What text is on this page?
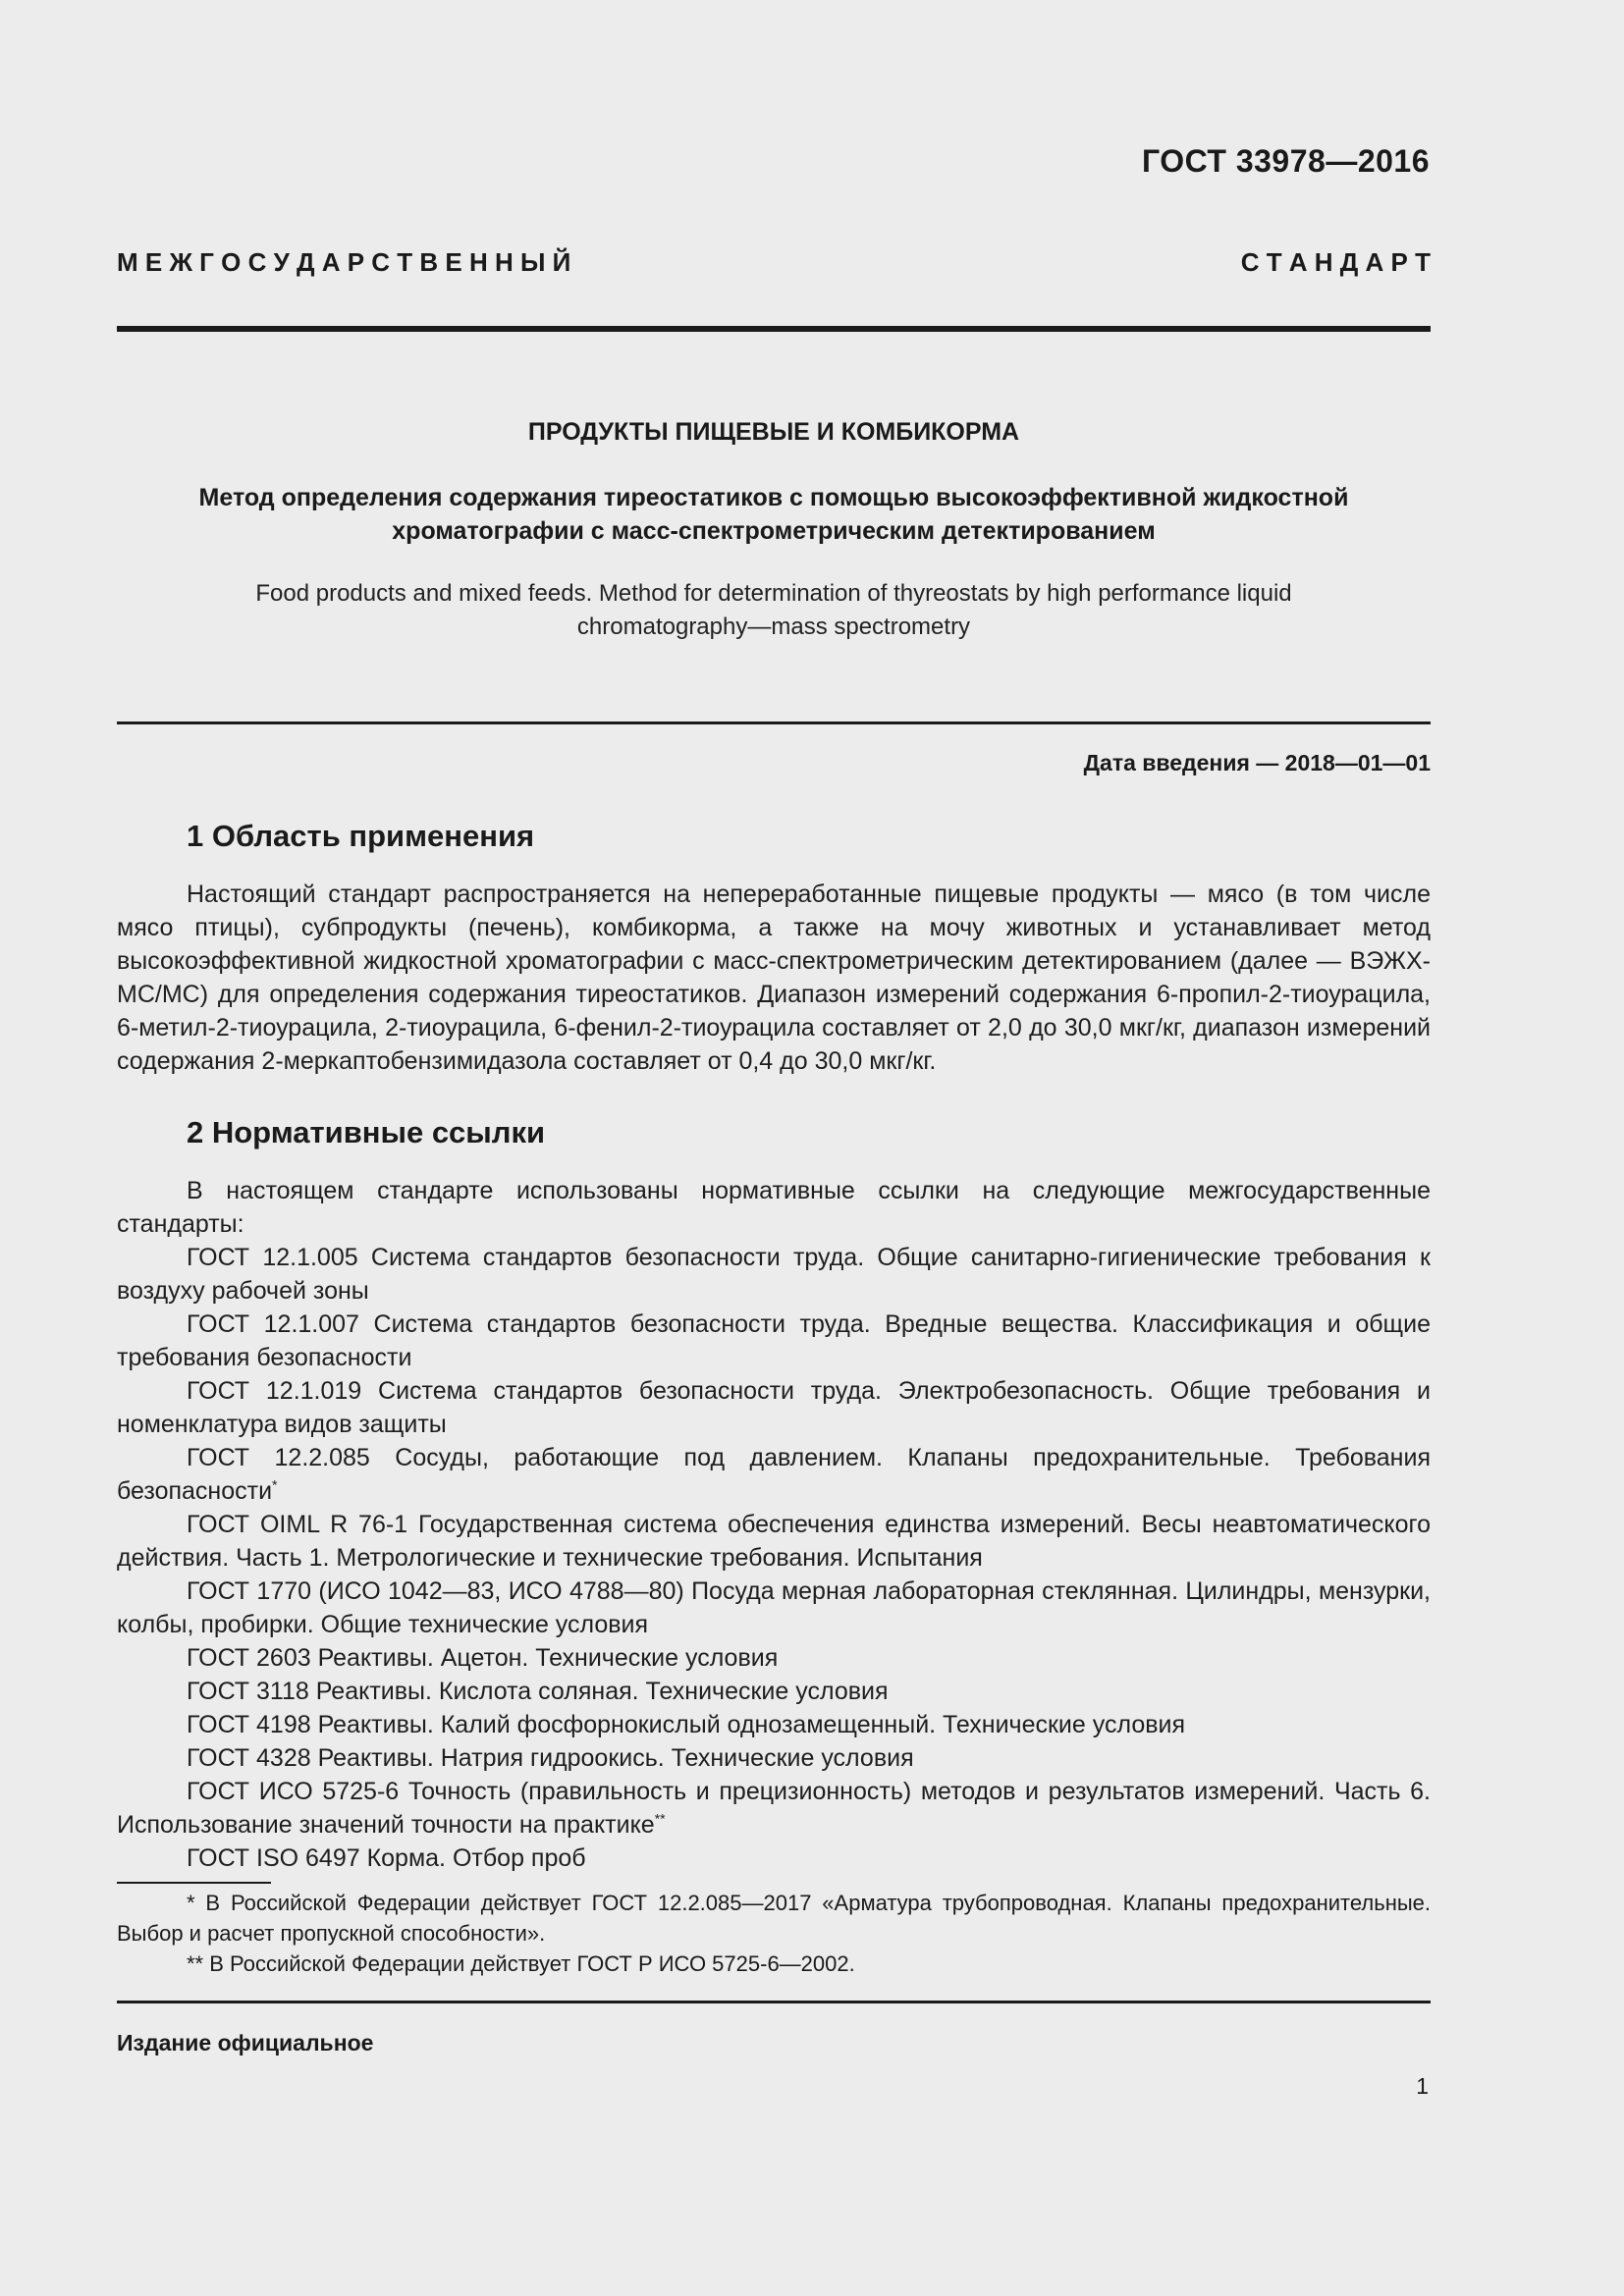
ГОСТ 33978—2016
М Е Ж Г О С У Д А Р С Т В Е Н Н Ы Й	С Т А Н Д А Р Т
ПРОДУКТЫ ПИЩЕВЫЕ И КОМБИКОРМА
Метод определения содержания тиреостатиков с помощью высокоэффективной жидкостной
хроматографии с масс-спектрометрическим детектированием
Food products and mixed feeds. Method for determination of thyreostats by high performance liquid
chromatography—mass spectrometry
Дата введения — 2018—01—01
1 Область применения

Настоящий стандарт распространяется на непереработанные пищевые продукты — мясо (в том числе мясо птицы), субпродукты (печень), комбикорма, а также на мочу животных и устанавливает метод высокоэффективной жидкостной хроматографии с масс-спектрометрическим детектированием (далее — ВЭЖХ-МС/МС) для определения содержания тиреостатиков. Диапазон измерений содержания 6-пропил-2-тиоурацила, 6-метил-2-тиоурацила, 2-тиоурацила, 6-фенил-2-тиоурацила составляет от 2,0 до 30,0 мкг/кг, диапазон измерений содержания 2-меркаптобензимидазола составляет от 0,4 до 30,0 мкг/кг.

2 Нормативные ссылки

В настоящем стандарте использованы нормативные ссылки на следующие межгосударственные стандарты:

ГОСТ 12.1.005 Система стандартов безопасности труда. Общие санитарно-гигиенические требования к воздуху рабочей зоны

ГОСТ 12.1.007 Система стандартов безопасности труда. Вредные вещества. Классификация и общие требования безопасности

ГОСТ 12.1.019 Система стандартов безопасности труда. Электробезопасность. Общие требования и номенклатура видов защиты

ГОСТ 12.2.085 Сосуды, работающие под давлением. Клапаны предохранительные. Требования безопасности*

ГОСТ OIML R 76-1 Государственная система обеспечения единства измерений. Весы неавтоматического действия. Часть 1. Метрологические и технические требования. Испытания

ГОСТ 1770 (ИСО 1042—83, ИСО 4788—80) Посуда мерная лабораторная стеклянная. Цилиндры, мензурки, колбы, пробирки. Общие технические условия

ГОСТ 2603 Реактивы. Ацетон. Технические условия

ГОСТ 3118 Реактивы. Кислота соляная. Технические условия

ГОСТ 4198 Реактивы. Калий фосфорнокислый однозамещенный. Технические условия

ГОСТ 4328 Реактивы. Натрия гидроокись. Технические условия

ГОСТ ИСО 5725-6 Точность (правильность и прецизионность) методов и результатов измерений. Часть 6. Использование значений точности на практике**

ГОСТ ISO 6497 Корма. Отбор проб

* В Российской Федерации действует ГОСТ 12.2.085—2017 «Арматура трубопроводная. Клапаны предохранительные. Выбор и расчет пропускной способности».

** В Российской Федерации действует ГОСТ Р ИСО 5725-6—2002.

Издание официальное
1
